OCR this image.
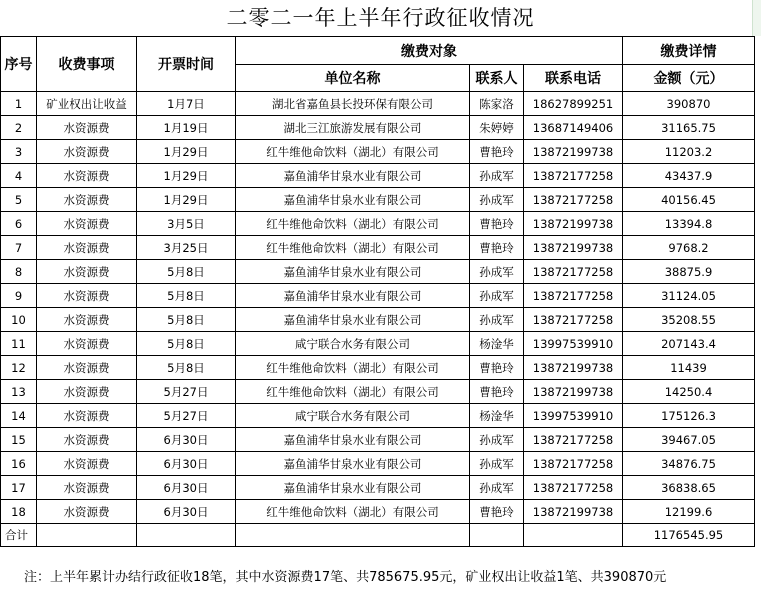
二零二一年上半年行政征收情况
序号	收费事项	开票时间	缴费对象			缴费详情
			单位名称	联系人	联系电话	金额（元）
1	矿业权出让收益	1月7日	湖北省嘉鱼县长投环保有限公司	陈家洛	18627899251	390870
2	水资源费	1月19日	湖北三江旅游发展有限公司	朱婷婷	13687149406	31165.75
3	水资源费	1月29日	红牛维他命饮料（湖北）有限公司	曹艳玲	13872199738	11203.2
4	水资源费	1月29日	嘉鱼浦华甘泉水业有限公司	孙成军	13872177258	43437.9
5	水资源费	1月29日	嘉鱼浦华甘泉水业有限公司	孙成军	13872177258	40156.45
6	水资源费	3月5日	红牛维他命饮料（湖北）有限公司	曹艳玲	13872199738	13394.8
7	水资源费	3月25日	红牛维他命饮料（湖北）有限公司	曹艳玲	13872199738	9768.2
8	水资源费	5月8日	嘉鱼浦华甘泉水业有限公司	孙成军	13872177258	38875.9
9	水资源费	5月8日	嘉鱼浦华甘泉水业有限公司	孙成军	13872177258	31124.05
10	水资源费	5月8日	嘉鱼浦华甘泉水业有限公司	孙成军	13872177258	35208.55
11	水资源费	5月8日	咸宁联合水务有限公司	杨淦华	13997539910	207143.4
12	水资源费	5月8日	红牛维他命饮料（湖北）有限公司	曹艳玲	13872199738	11439
13	水资源费	5月27日	红牛维他命饮料（湖北）有限公司	曹艳玲	13872199738	14250.4
14	水资源费	5月27日	咸宁联合水务有限公司	杨淦华	13997539910	175126.3
15	水资源费	6月30日	嘉鱼浦华甘泉水业有限公司	孙成军	13872177258	39467.05
16	水资源费	6月30日	嘉鱼浦华甘泉水业有限公司	孙成军	13872177258	34876.75
17	水资源费	6月30日	嘉鱼浦华甘泉水业有限公司	孙成军	13872177258	36838.65
18	水资源费	6月30日	红牛维他命饮料（湖北）有限公司	曹艳玲	13872199738	12199.6
合计						1176545.95
注：上半年累计办结行政征收18笔，其中水资源费17笔、共785675.95元，矿业权出让收益1笔、共390870元
